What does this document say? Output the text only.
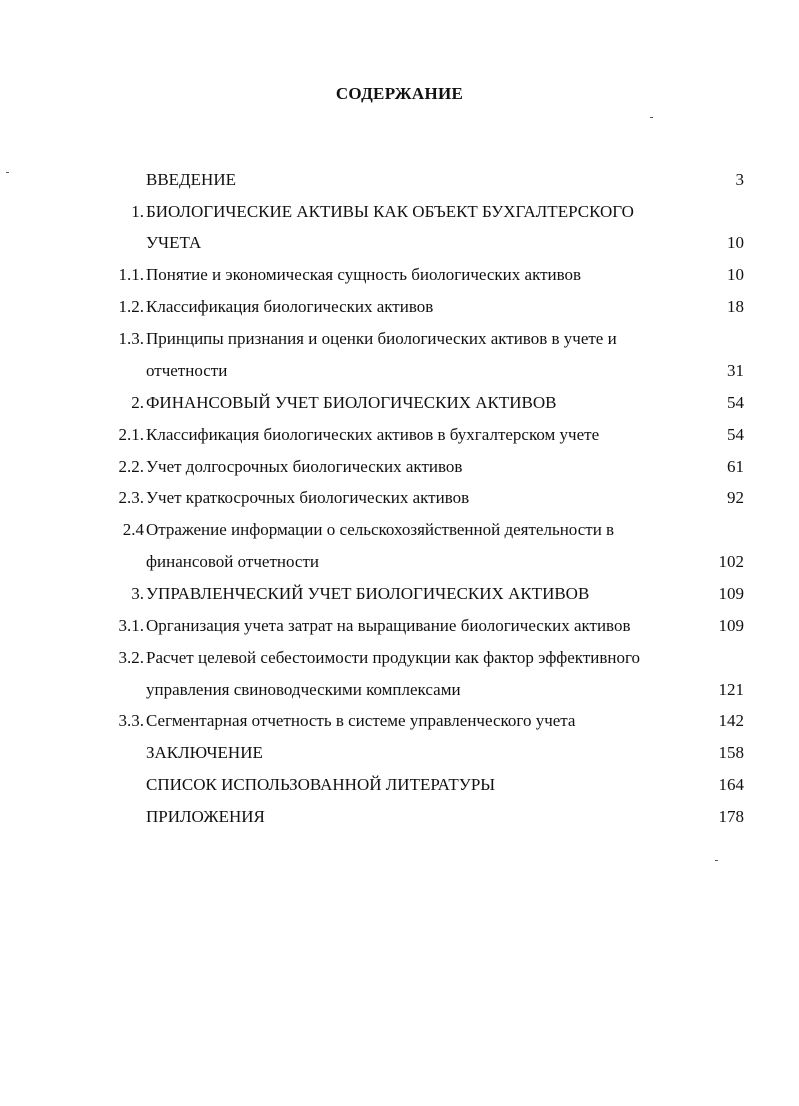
СОДЕРЖАНИЕ
ВВЕДЕНИЕ	3
1. БИОЛОГИЧЕСКИЕ АКТИВЫ КАК ОБЪЕКТ БУХГАЛТЕРСКОГО
УЧЕТА	10
1.1. Понятие и экономическая сущность биологических активов	10
1.2. Классификация биологических активов	18
1.3. Принципы признания и оценки биологических активов в учете и
отчетности	31
2. ФИНАНСОВЫЙ УЧЕТ БИОЛОГИЧЕСКИХ АКТИВОВ	54
2.1. Классификация биологических активов в бухгалтерском учете	54
2.2. Учет долгосрочных биологических активов	61
2.3. Учет краткосрочных биологических активов	92
2.4 Отражение информации о сельскохозяйственной деятельности в
финансовой отчетности	102
3. УПРАВЛЕНЧЕСКИЙ УЧЕТ БИОЛОГИЧЕСКИХ АКТИВОВ	109
3.1. Организация учета затрат на выращивание биологических активов	109
3.2. Расчет целевой себестоимости продукции как фактор эффективного
управления свиноводческими комплексами	121
3.3. Сегментарная отчетность в системе управленческого учета	142
ЗАКЛЮЧЕНИЕ	158
СПИСОК ИСПОЛЬЗОВАННОЙ ЛИТЕРАТУРЫ	164
ПРИЛОЖЕНИЯ	178
